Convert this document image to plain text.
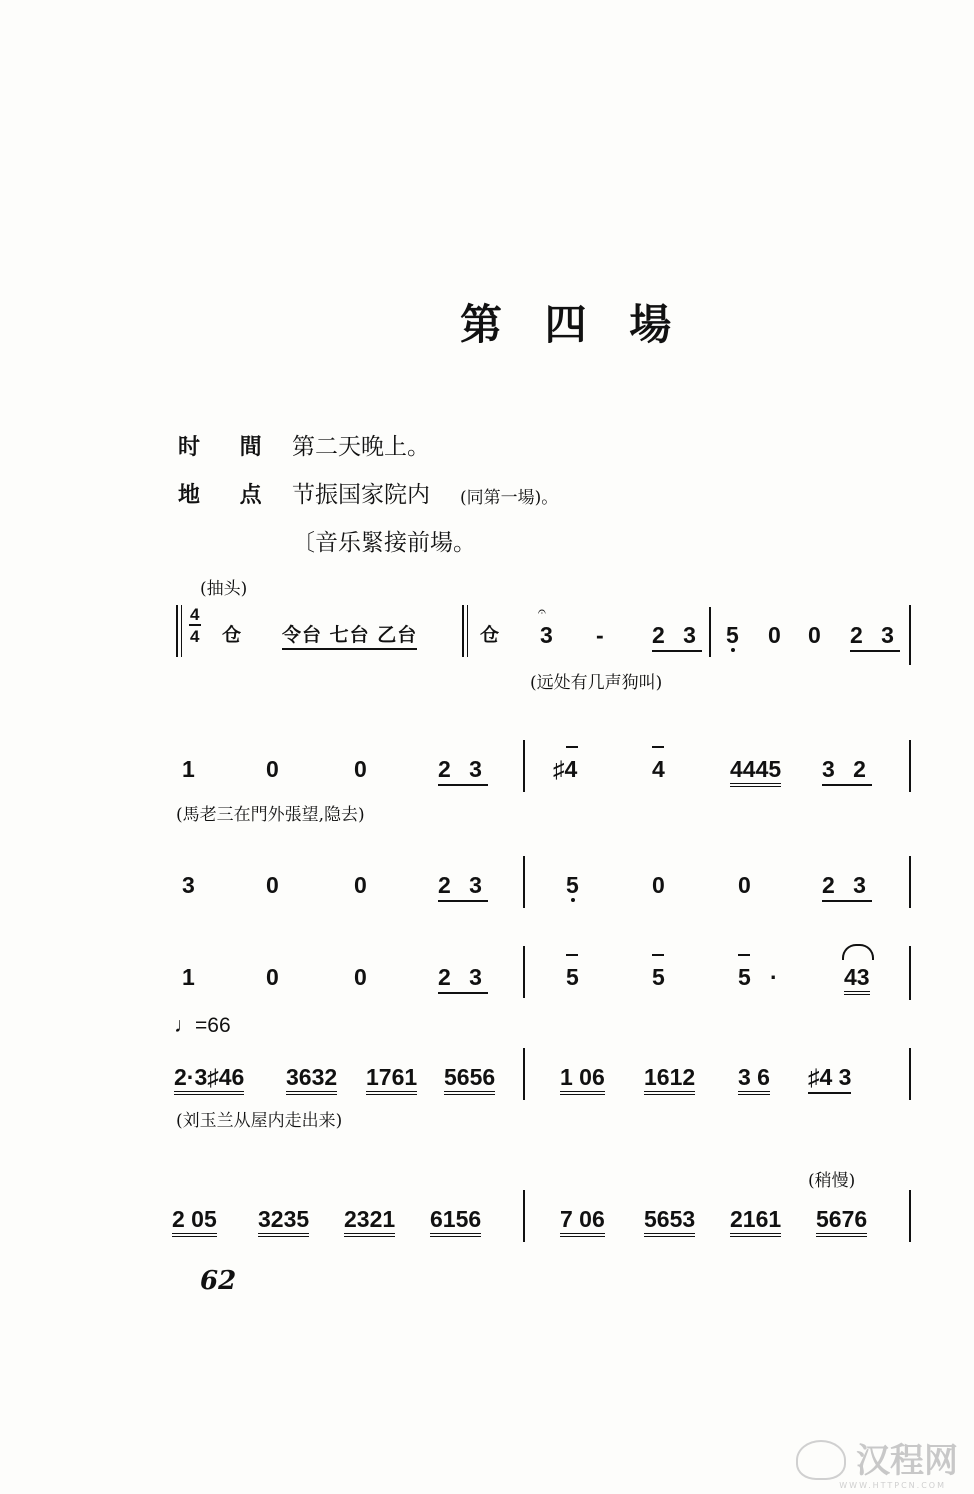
第 四 場
时 間 第二天晚上。
地 点 节振国家院内 (同第一場)。
〔音乐緊接前場。
(抽头)
4
4 仓 令台 七台 乙台	仓
𝄐
3 - 2 3 5 0 0 2 3
(远处有几声狗叫)
1	0	0	2 3	♯4	4	4445 3 2
(馬老三在門外張望,隐去)
3	0	0	2 3	5	0	0	2 3
1	0	0	2 3	5	5	5 ·	43
♩=66
2·3♯46 3632 1761 5656	1 06 1612 3 6 ♯4 3
(刘玉兰从屋内走出来)
(稍慢)
2 05 3235 2321 6156	7 06 5653 2161 5676
62
汉程网
WWW.HTTPCN.COM
